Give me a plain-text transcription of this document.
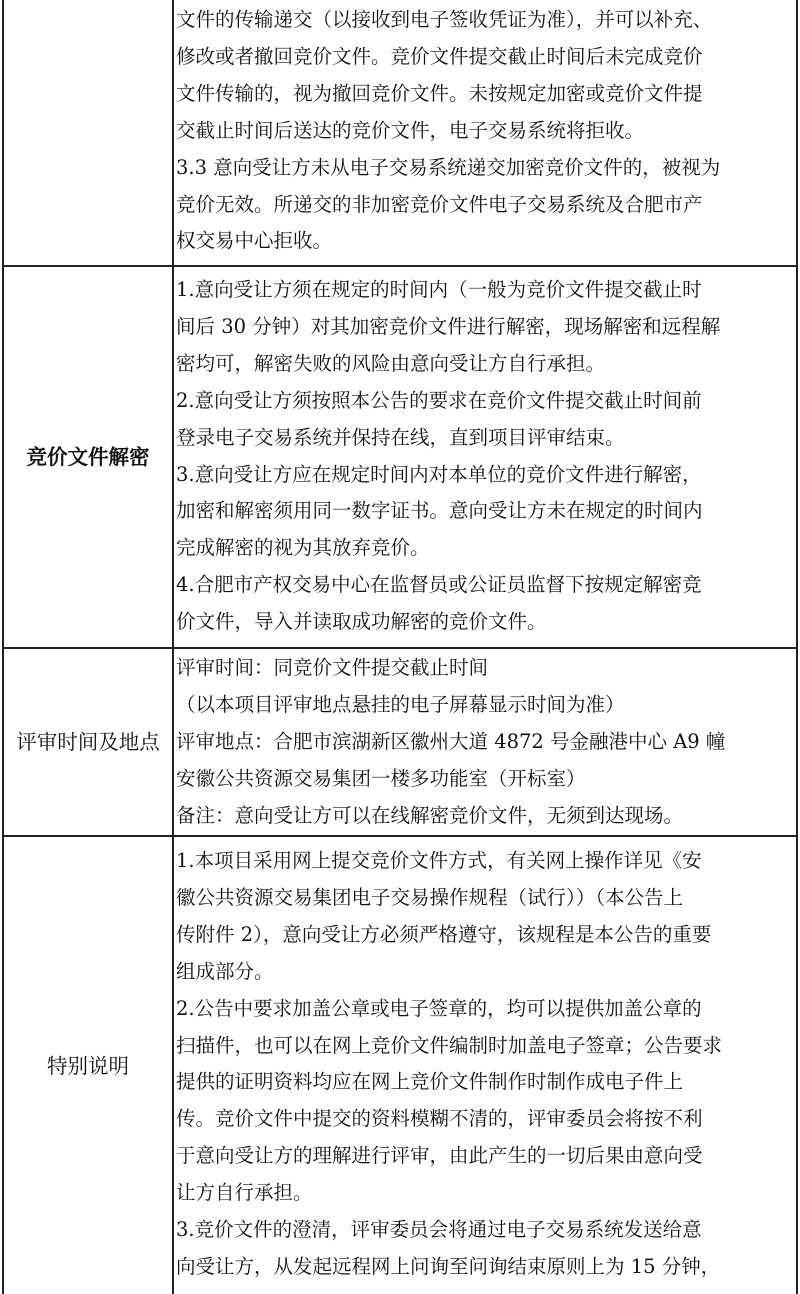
文件的传输递交（以接收到电子签收凭证为准），并可以补充、
修改或者撤回竞价文件。竞价文件提交截止时间后未完成竞价
文件传输的，视为撤回竞价文件。未按规定加密或竞价文件提
交截止时间后送达的竞价文件，电子交易系统将拒收。
3.3 意向受让方未从电子交易系统递交加密竞价文件的，被视为
竞价无效。所递交的非加密竞价文件电子交易系统及合肥市产
权交易中心拒收。
竞价文件解密
1.意向受让方须在规定的时间内（一般为竞价文件提交截止时
间后 30 分钟）对其加密竞价文件进行解密，现场解密和远程解
密均可，解密失败的风险由意向受让方自行承担。
2.意向受让方须按照本公告的要求在竞价文件提交截止时间前
登录电子交易系统并保持在线，直到项目评审结束。
3.意向受让方应在规定时间内对本单位的竞价文件进行解密，
加密和解密须用同一数字证书。意向受让方未在规定的时间内
完成解密的视为其放弃竞价。
4.合肥市产权交易中心在监督员或公证员监督下按规定解密竞
价文件，导入并读取成功解密的竞价文件。
评审时间及地点
评审时间：同竞价文件提交截止时间
（以本项目评审地点悬挂的电子屏幕显示时间为准）
评审地点：合肥市滨湖新区徽州大道 4872 号金融港中心 A9 幢
安徽公共资源交易集团一楼多功能室（开标室）
备注：意向受让方可以在线解密竞价文件，无须到达现场。
特别说明
1.本项目采用网上提交竞价文件方式，有关网上操作详见《安
徽公共资源交易集团电子交易操作规程（试行））（本公告上
传附件 2），意向受让方必须严格遵守，该规程是本公告的重要
组成部分。
2.公告中要求加盖公章或电子签章的，均可以提供加盖公章的
扫描件，也可以在网上竞价文件编制时加盖电子签章；公告要求
提供的证明资料均应在网上竞价文件制作时制作成电子件上
传。竞价文件中提交的资料模糊不清的，评审委员会将按不利
于意向受让方的理解进行评审，由此产生的一切后果由意向受
让方自行承担。
3.竞价文件的澄清，评审委员会将通过电子交易系统发送给意
向受让方，从发起远程网上问询至问询结束原则上为 15 分钟，
